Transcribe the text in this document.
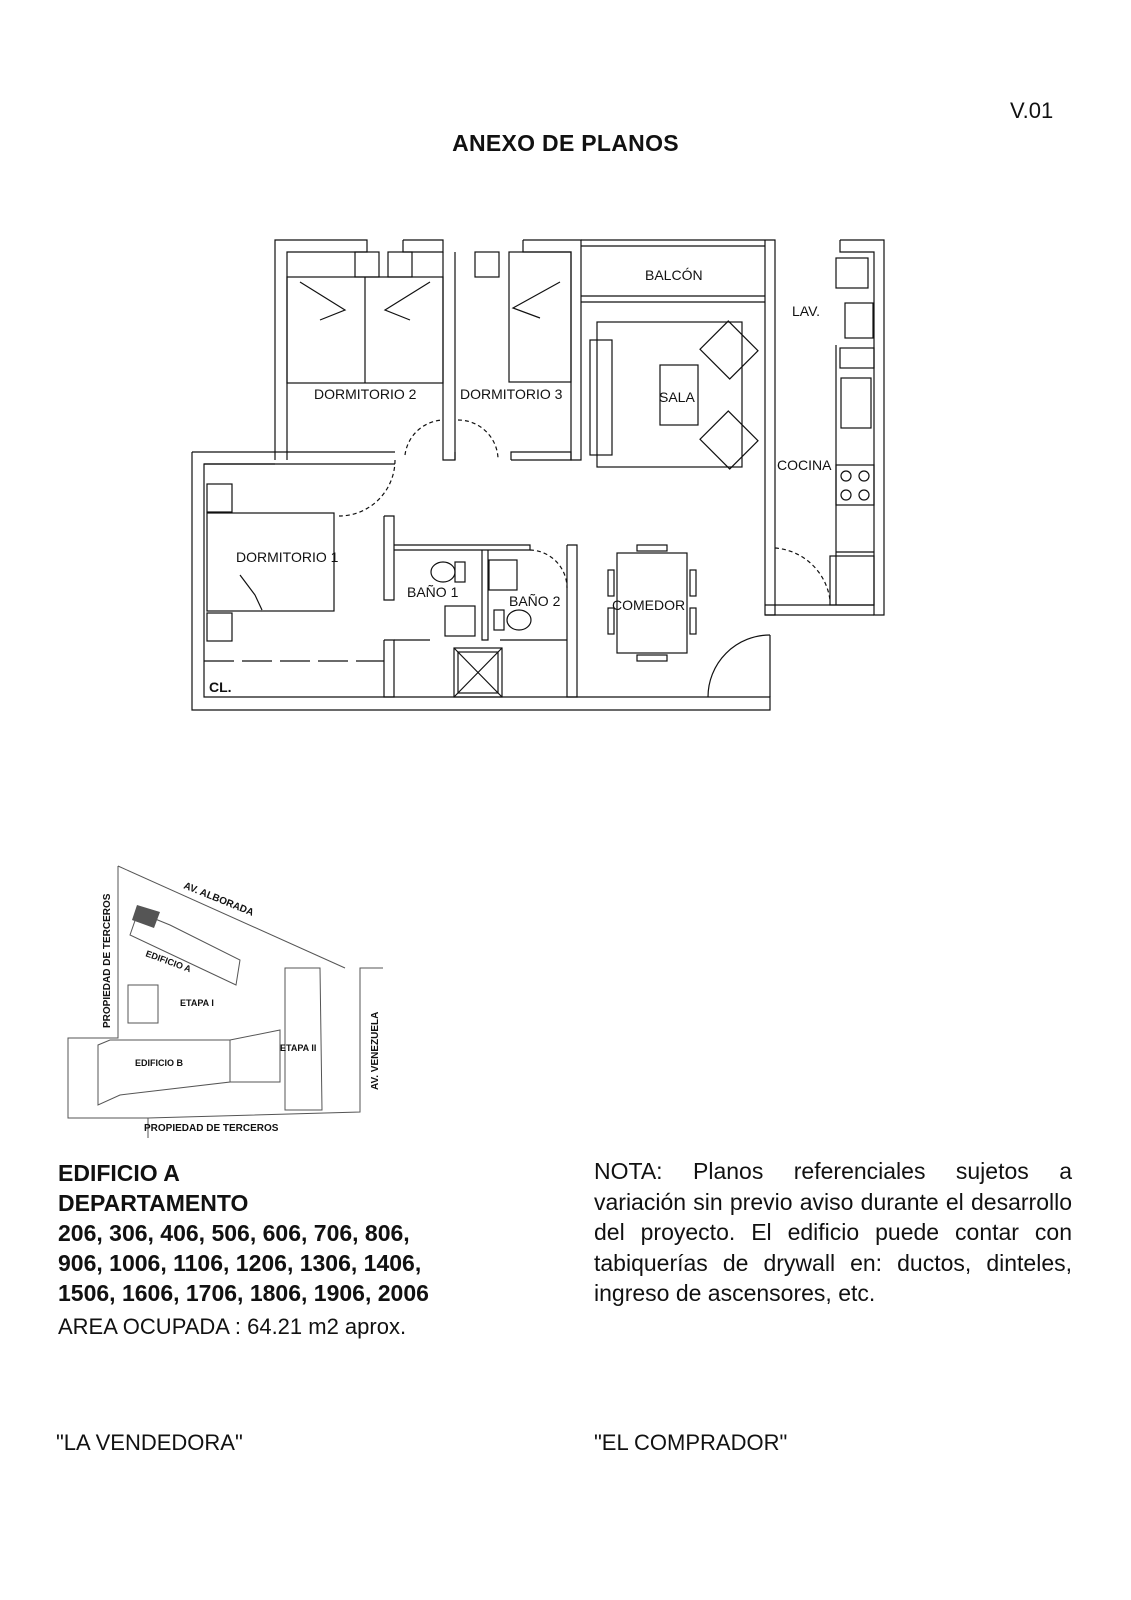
V.01
ANEXO DE PLANOS
BALCÓN
LAV.
DORMITORIO 2	DORMITORIO 3	SALA
COCINA
DORMITORIO 1
BAÑO 1
BAÑO 2	COMEDOR
CL.
AV. ALBORADA
PROPIEDAD DE TERCEROS	EDIFICIO A
ETAPA I
ETAPA II
EDIFICIO B	AV. VENEZUELA
PROPIEDAD DE TERCEROS
EDIFICIO A
DEPARTAMENTO
206, 306, 406, 506, 606, 706, 806,
906, 1006, 1106, 1206, 1306, 1406,
1506, 1606, 1706, 1806, 1906, 2006
AREA OCUPADA : 64.21 m2 aprox.
NOTA: Planos referenciales sujetos a variación sin previo aviso durante el desarrollo del proyecto. El edificio puede contar con tabiquerías de drywall en: ductos, dinteles, ingreso de ascensores, etc.
"LA VENDEDORA"	"EL COMPRADOR"
